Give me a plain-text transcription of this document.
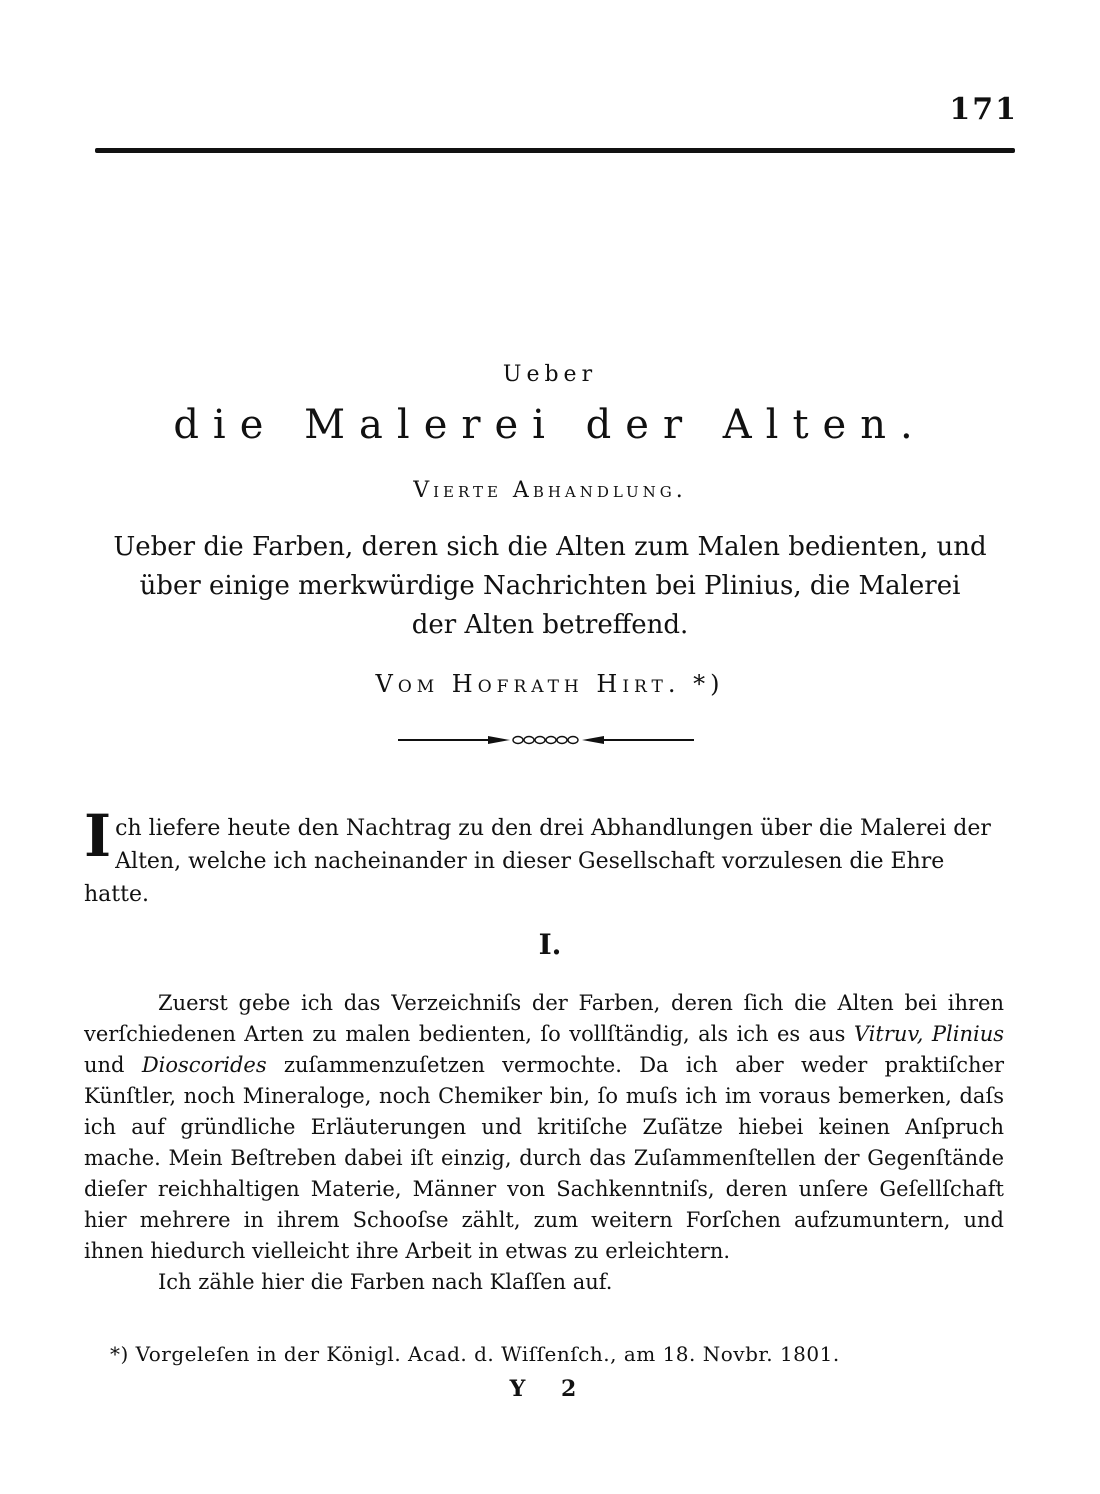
171
Ueber
die Malerei der Alten.
Vierte Abhandlung.
Ueber die Farben, deren sich die Alten zum Malen bedienten, und
über einige merkwürdige Nachrichten bei Plinius, die Malerei
der Alten betreffend.
Vom Hofrath Hirt. *)
I ch liefere heute den Nachtrag zu den drei Abhandlungen über die Malerei der Alten, welche ich nacheinander in dieser Gesellschaft vorzulesen die Ehre hatte.
I.

Zuerst gebe ich das Verzeichniſs der Farben, deren ſich die Alten bei ihren verſchiedenen Arten zu malen bedienten, ſo vollſtändig, als ich es aus Vitruv, Plinius und Dioscorides zuſammenzuſetzen vermochte. Da ich aber weder praktiſcher Künſtler, noch Mineraloge, noch Chemiker bin, ſo muſs ich im voraus bemerken, daſs ich auf gründliche Erläuterungen und kritiſche Zuſätze hiebei keinen Anſpruch mache. Mein Beſtreben dabei iſt einzig, durch das Zuſammenſtellen der Gegenſtände dieſer reichhaltigen Materie, Männer von Sachkenntniſs, deren unſere Geſellſchaft hier mehrere in ihrem Schooſse zählt, zum weitern Forſchen aufzumuntern, und ihnen hiedurch vielleicht ihre Arbeit in etwas zu erleichtern.

Ich zähle hier die Farben nach Klaſſen auf.

*) Vorgeleſen in der Königl. Acad. d. Wiſſenſch., am 18. Novbr. 1801.
Y 2
